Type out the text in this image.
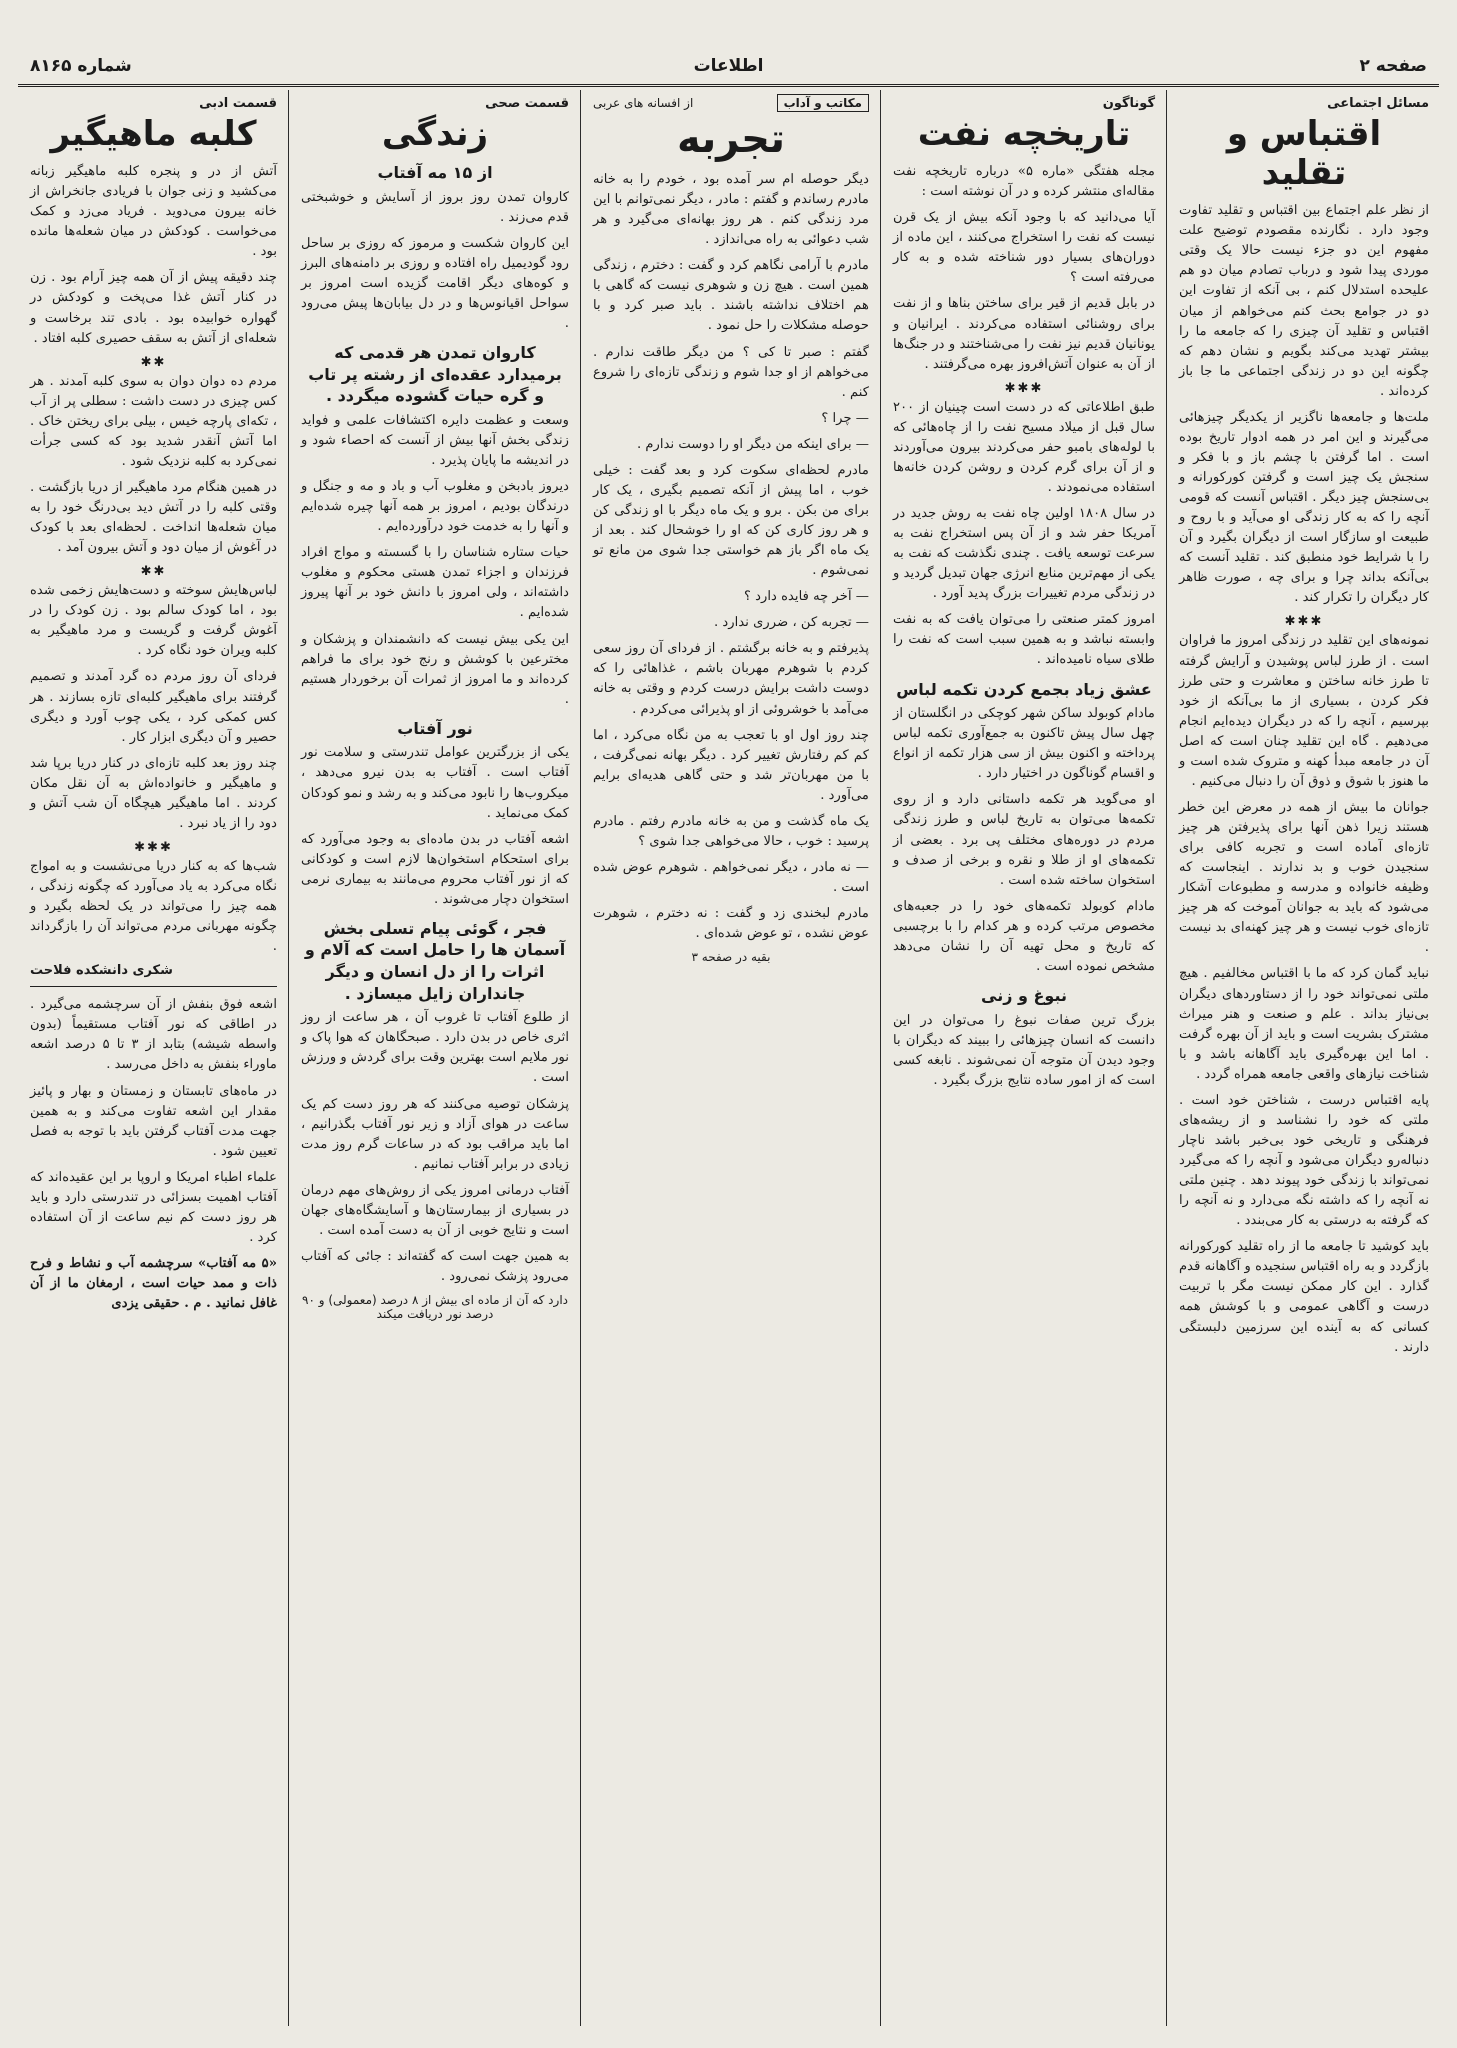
صفحه ۲
اطلاعات
شماره ۸۱۶۵
مسائل اجتماعی
اقتباس و تقلید

از نظر علم اجتماع بین اقتباس و تقلید تفاوت وجود دارد . نگارنده مقصودم توضیح علت مفهوم این دو جزء نیست حالا یک وقتی موردی پیدا شود و درباب تصادم میان دو هم علیحده استدلال کنم ، بی آنکه از تفاوت این دو در جوامع بحث کنم می‌خواهم از میان اقتباس و تقلید آن چیزی را که جامعه ما را بیشتر تهدید می‌کند بگویم و نشان دهم که چگونه این دو در زندگی اجتماعی ما جا باز کرده‌اند .

ملت‌ها و جامعه‌ها ناگزیر از یکدیگر چیزهائی می‌گیرند و این امر در همه ادوار تاریخ بوده است . اما گرفتن با چشم باز و با فکر و سنجش یک چیز است و گرفتن کورکورانه و بی‌سنجش چیز دیگر . اقتباس آنست که قومی آنچه را که به کار زندگی او می‌آید و با روح و طبیعت او سازگار است از دیگران بگیرد و آن را با شرایط خود منطبق کند . تقلید آنست که بی‌آنکه بداند چرا و برای چه ، صورت ظاهر کار دیگران را تکرار کند .

✱✱✱

نمونه‌های این تقلید در زندگی امروز ما فراوان است . از طرز لباس پوشیدن و آرایش گرفته تا طرز خانه ساختن و معاشرت و حتی طرز فکر کردن ، بسیاری از ما بی‌آنکه از خود بپرسیم ، آنچه را که در دیگران دیده‌ایم انجام می‌دهیم . گاه این تقلید چنان است که اصل آن در جامعه مبدأ کهنه و متروک شده است و ما هنوز با شوق و ذوق آن را دنبال می‌کنیم .

جوانان ما بیش از همه در معرض این خطر هستند زیرا ذهن آنها برای پذیرفتن هر چیز تازه‌ای آماده است و تجربه کافی برای سنجیدن خوب و بد ندارند . اینجاست که وظیفه خانواده و مدرسه و مطبوعات آشکار می‌شود که باید به جوانان آموخت که هر چیز تازه‌ای خوب نیست و هر چیز کهنه‌ای بد نیست .

نباید گمان کرد که ما با اقتباس مخالفیم . هیچ ملتی نمی‌تواند خود را از دستاوردهای دیگران بی‌نیاز بداند . علم و صنعت و هنر میراث مشترک بشریت است و باید از آن بهره گرفت . اما این بهره‌گیری باید آگاهانه باشد و با شناخت نیازهای واقعی جامعه همراه گردد .

پایه اقتباس درست ، شناختن خود است . ملتی که خود را نشناسد و از ریشه‌های فرهنگی و تاریخی خود بی‌خبر باشد ناچار دنباله‌رو دیگران می‌شود و آنچه را که می‌گیرد نمی‌تواند با زندگی خود پیوند دهد . چنین ملتی نه آنچه را که داشته نگه می‌دارد و نه آنچه را که گرفته به درستی به کار می‌بندد .

باید کوشید تا جامعه ما از راه تقلید کورکورانه بازگردد و به راه اقتباس سنجیده و آگاهانه قدم گذارد . این کار ممکن نیست مگر با تربیت درست و آگاهی عمومی و با کوشش همه کسانی که به آینده این سرزمین دلبستگی دارند .

گوناگون
تاریخچه نفت

مجله هفتگی «ماره ۵» درباره تاریخچه نفت مقاله‌ای منتشر کرده و در آن نوشته است :

آیا می‌دانید که با وجود آنکه بیش از یک قرن نیست که نفت را استخراج می‌کنند ، این ماده از دوران‌های بسیار دور شناخته شده و به کار می‌رفته است ؟

در بابل قدیم از قیر برای ساختن بناها و از نفت برای روشنائی استفاده می‌کردند . ایرانیان و یونانیان قدیم نیز نفت را می‌شناختند و در جنگ‌ها از آن به عنوان آتش‌افروز بهره می‌گرفتند .

✱✱✱

طبق اطلاعاتی که در دست است چینیان از ۲۰۰ سال قبل از میلاد مسیح نفت را از چاه‌هائی که با لوله‌های بامبو حفر می‌کردند بیرون می‌آوردند و از آن برای گرم کردن و روشن کردن خانه‌ها استفاده می‌نمودند .

در سال ۱۸۰۸ اولین چاه نفت به روش جدید در آمریکا حفر شد و از آن پس استخراج نفت به سرعت توسعه یافت . چندی نگذشت که نفت به یکی از مهم‌ترین منابع انرژی جهان تبدیل گردید و در زندگی مردم تغییرات بزرگ پدید آورد .

امروز کمتر صنعتی را می‌توان یافت که به نفت وابسته نباشد و به همین سبب است که نفت را طلای سیاه نامیده‌اند .

عشق زیاد بجمع کردن تکمه لباس

مادام کوبولد ساکن شهر کوچکی در انگلستان از چهل سال پیش تاکنون به جمع‌آوری تکمه لباس پرداخته و اکنون بیش از سی هزار تکمه از انواع و اقسام گوناگون در اختیار دارد .

او می‌گوید هر تکمه داستانی دارد و از روی تکمه‌ها می‌توان به تاریخ لباس و طرز زندگی مردم در دوره‌های مختلف پی برد . بعضی از تکمه‌های او از طلا و نقره و برخی از صدف و استخوان ساخته شده است .

مادام کوبولد تکمه‌های خود را در جعبه‌های مخصوص مرتب کرده و هر کدام را با برچسبی که تاریخ و محل تهیه آن را نشان می‌دهد مشخص نموده است .

نبوغ و زنی

بزرگ ترین صفات نبوغ را می‌توان در این دانست که انسان چیزهائی را ببیند که دیگران با وجود دیدن آن متوجه آن نمی‌شوند . نابغه کسی است که از امور ساده نتایج بزرگ بگیرد .

مکاتب و آداب
از افسانه های عربی
تجربه

دیگر حوصله ام سر آمده بود ، خودم را به خانه مادرم رساندم و گفتم : مادر ، دیگر نمی‌توانم با این مرد زندگی کنم . هر روز بهانه‌ای می‌گیرد و هر شب دعوائی به راه می‌اندازد .

مادرم با آرامی نگاهم کرد و گفت : دخترم ، زندگی همین است . هیچ زن و شوهری نیست که گاهی با هم اختلاف نداشته باشند . باید صبر کرد و با حوصله مشکلات را حل نمود .

گفتم : صبر تا کی ؟ من دیگر طاقت ندارم . می‌خواهم از او جدا شوم و زندگی تازه‌ای را شروع کنم .

— چرا ؟

— برای اینکه من دیگر او را دوست ندارم .

مادرم لحظه‌ای سکوت کرد و بعد گفت : خیلی خوب ، اما پیش از آنکه تصمیم بگیری ، یک کار برای من بکن . برو و یک ماه دیگر با او زندگی کن و هر روز کاری کن که او را خوشحال کند . بعد از یک ماه اگر باز هم خواستی جدا شوی من مانع تو نمی‌شوم .

— آخر چه فایده دارد ؟

— تجربه کن ، ضرری ندارد .

پذیرفتم و به خانه برگشتم . از فردای آن روز سعی کردم با شوهرم مهربان باشم ، غذاهائی را که دوست داشت برایش درست کردم و وقتی به خانه می‌آمد با خوشروئی از او پذیرائی می‌کردم .

چند روز اول او با تعجب به من نگاه می‌کرد ، اما کم کم رفتارش تغییر کرد . دیگر بهانه نمی‌گرفت ، با من مهربان‌تر شد و حتی گاهی هدیه‌ای برایم می‌آورد .

یک ماه گذشت و من به خانه مادرم رفتم . مادرم پرسید : خوب ، حالا می‌خواهی جدا شوی ؟

— نه مادر ، دیگر نمی‌خواهم . شوهرم عوض شده است .

مادرم لبخندی زد و گفت : نه دخترم ، شوهرت عوض نشده ، تو عوض شده‌ای .

بقیه در صفحه ۳
قسمت صحی
زندگی
از ۱۵ مه آفتاب

کاروان تمدن روز بروز از آسایش و خوشبختی قدم می‌زند .

این کاروان شکست و مرموز که روزی بر ساحل رود گودیمیل راه افتاده و روزی بر دامنه‌های البرز و کوه‌های دیگر اقامت گزیده است امروز بر سواحل اقیانوس‌ها و در دل بیابان‌ها پیش می‌رود .

کاروان تمدن هر قدمی که برمیدارد عقده‌ای از رشته پر تاب و گره حیات گشوده میگردد .

وسعت و عظمت دایره اکتشافات علمی و فواید زندگی بخش آنها بیش از آنست که احصاء شود و در اندیشه ما پایان پذیرد .

دیروز بادبخن و مغلوب آب و باد و مه و جنگل و درندگان بودیم ، امروز بر همه آنها چیره شده‌ایم و آنها را به خدمت خود درآورده‌ایم .

حیات ستاره شناسان را با گسسته و مواج افراد فرزندان و اجزاء تمدن هستی محکوم و مغلوب داشته‌اند ، ولی امروز با دانش خود بر آنها پیروز شده‌ایم .

این یکی بیش نیست که دانشمندان و پزشکان و مخترعین با کوشش و رنج خود برای ما فراهم کرده‌اند و ما امروز از ثمرات آن برخوردار هستیم .

نور آفتاب

یکی از بزرگترین عوامل تندرستی و سلامت نور آفتاب است . آفتاب به بدن نیرو می‌دهد ، میکروب‌ها را نابود می‌کند و به رشد و نمو کودکان کمک می‌نماید .

اشعه آفتاب در بدن ماده‌ای به وجود می‌آورد که برای استحکام استخوان‌ها لازم است و کودکانی که از نور آفتاب محروم می‌مانند به بیماری نرمی استخوان دچار می‌شوند .

فجر ، گوئی پیام تسلی بخش آسمان ها را حامل است که آلام و اثرات را از دل انسان و دیگر جانداران زایل میسازد .

از طلوع آفتاب تا غروب آن ، هر ساعت از روز اثری خاص در بدن دارد . صبحگاهان که هوا پاک و نور ملایم است بهترین وقت برای گردش و ورزش است .

پزشکان توصیه می‌کنند که هر روز دست کم یک ساعت در هوای آزاد و زیر نور آفتاب بگذرانیم ، اما باید مراقب بود که در ساعات گرم روز مدت زیادی در برابر آفتاب نمانیم .

آفتاب درمانی امروز یکی از روش‌های مهم درمان در بسیاری از بیمارستان‌ها و آسایشگاه‌های جهان است و نتایج خوبی از آن به دست آمده است .

به همین جهت است که گفته‌اند : جائی که آفتاب می‌رود پزشک نمی‌رود .

دارد که آن از ماده ای بیش از ۸ درصد (معمولی) و ۹۰ درصد نور دریافت میکند
قسمت ادبی
کلبه ماهیگیر

آتش از در و پنجره کلبه ماهیگیر زبانه می‌کشید و زنی جوان با فریادی جانخراش از خانه بیرون می‌دوید . فریاد می‌زد و کمک می‌خواست . کودکش در میان شعله‌ها مانده بود .

چند دقیقه پیش از آن همه چیز آرام بود . زن در کنار آتش غذا می‌پخت و کودکش در گهواره خوابیده بود . بادی تند برخاست و شعله‌ای از آتش به سقف حصیری کلبه افتاد .

✱✱

مردم ده دوان دوان به سوی کلبه آمدند . هر کس چیزی در دست داشت : سطلی پر از آب ، تکه‌ای پارچه خیس ، بیلی برای ریختن خاک . اما آتش آنقدر شدید بود که کسی جرأت نمی‌کرد به کلبه نزدیک شود .

در همین هنگام مرد ماهیگیر از دریا بازگشت . وقتی کلبه را در آتش دید بی‌درنگ خود را به میان شعله‌ها انداخت . لحظه‌ای بعد با کودک در آغوش از میان دود و آتش بیرون آمد .

✱✱

لباس‌هایش سوخته و دست‌هایش زخمی شده بود ، اما کودک سالم بود . زن کودک را در آغوش گرفت و گریست و مرد ماهیگیر به کلبه ویران خود نگاه کرد .

فردای آن روز مردم ده گرد آمدند و تصمیم گرفتند برای ماهیگیر کلبه‌ای تازه بسازند . هر کس کمکی کرد ، یکی چوب آورد و دیگری حصیر و آن دیگری ابزار کار .

چند روز بعد کلبه تازه‌ای در کنار دریا برپا شد و ماهیگیر و خانواده‌اش به آن نقل مکان کردند . اما ماهیگیر هیچگاه آن شب آتش و دود را از یاد نبرد .

✱✱✱

شب‌ها که به کنار دریا می‌نشست و به امواج نگاه می‌کرد به یاد می‌آورد که چگونه زندگی ، همه چیز را می‌تواند در یک لحظه بگیرد و چگونه مهربانی مردم می‌تواند آن را بازگرداند .

شکری دانشکده فلاحت

اشعه فوق بنفش از آن سرچشمه می‌گیرد . در اطاقی که نور آفتاب مستقیماً (بدون واسطه شیشه) بتابد از ۳ تا ۵ درصد اشعه ماوراء بنفش به داخل می‌رسد .

در ماه‌های تابستان و زمستان و بهار و پائیز مقدار این اشعه تفاوت می‌کند و به همین جهت مدت آفتاب گرفتن باید با توجه به فصل تعیین شود .

علماء اطباء امریکا و اروپا بر این عقیده‌اند که آفتاب اهمیت بسزائی در تندرستی دارد و باید هر روز دست کم نیم ساعت از آن استفاده کرد .

«۵ مه آفتاب» سرچشمه آب و نشاط و فرح ذات و ممد حیات است ، ارمغان ما از آن غافل نمانید . م . حقیقی یزدی
